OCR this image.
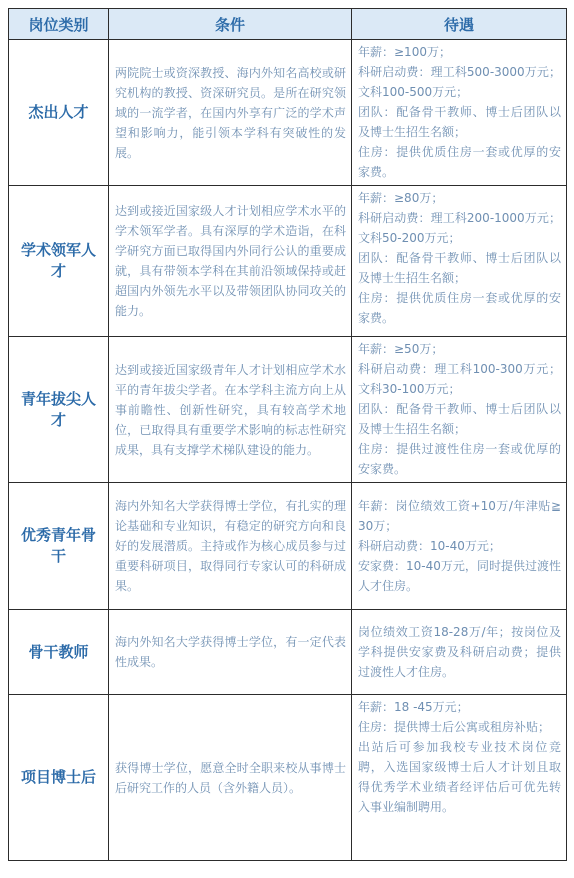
岗位类别	条件	待遇
杰出人才	两院院士或资深教授、海内外知名高校或研究机构的教授、资深研究员。是所在研究领域的一流学者，在国内外享有广泛的学术声望和影响力，能引领本学科有突破性的发展。	年薪：≥100万；
科研启动费：理工科500-3000万元；文科100-500万元；
团队：配备骨干教师、博士后团队以及博士生招生名额；
住房：提供优质住房一套或优厚的安家费。

学术领军人才	达到或接近国家级人才计划相应学术水平的学术领军学者。具有深厚的学术造诣，在科学研究方面已取得国内外同行公认的重要成就，具有带领本学科在其前沿领域保持或赶超国内外领先水平以及带领团队协同攻关的能力。	年薪：≥80万；
科研启动费：理工科200-1000万元；文科50-200万元；
团队：配备骨干教师、博士后团队以及博士生招生名额；
住房：提供优质住房一套或优厚的安家费。

青年拔尖人才	达到或接近国家级青年人才计划相应学术水平的青年拔尖学者。在本学科主流方向上从事前瞻性、创新性研究，具有较高学术地位，已取得具有重要学术影响的标志性研究成果，具有支撑学术梯队建设的能力。	年薪：≥50万；
科研启动费：理工科100-300万元；文科30-100万元；
团队：配备骨干教师、博士后团队以及博士生招生名额；
住房：提供过渡性住房一套或优厚的安家费。

优秀青年骨干	海内外知名大学获得博士学位，有扎实的理论基础和专业知识，有稳定的研究方向和良好的发展潜质。主持或作为核心成员参与过重要科研项目，取得同行专家认可的科研成果。	年薪：岗位绩效工资+10万/年津贴≧30万；
科研启动费：10-40万元；
安家费：10-40万元，同时提供过渡性人才住房。

骨干教师	海内外知名大学获得博士学位，有一定代表性成果。	岗位绩效工资18-28万/年；按岗位及学科提供安家费及科研启动费；提供过渡性人才住房。

项目博士后	获得博士学位，愿意全时全职来校从事博士后研究工作的人员（含外籍人员）。	年薪：18 -45万元；
住房：提供博士后公寓或租房补贴；
出站后可参加我校专业技术岗位竞聘，入选国家级博士后人才计划且取得优秀学术业绩者经评估后可优先转入事业编制聘用。
